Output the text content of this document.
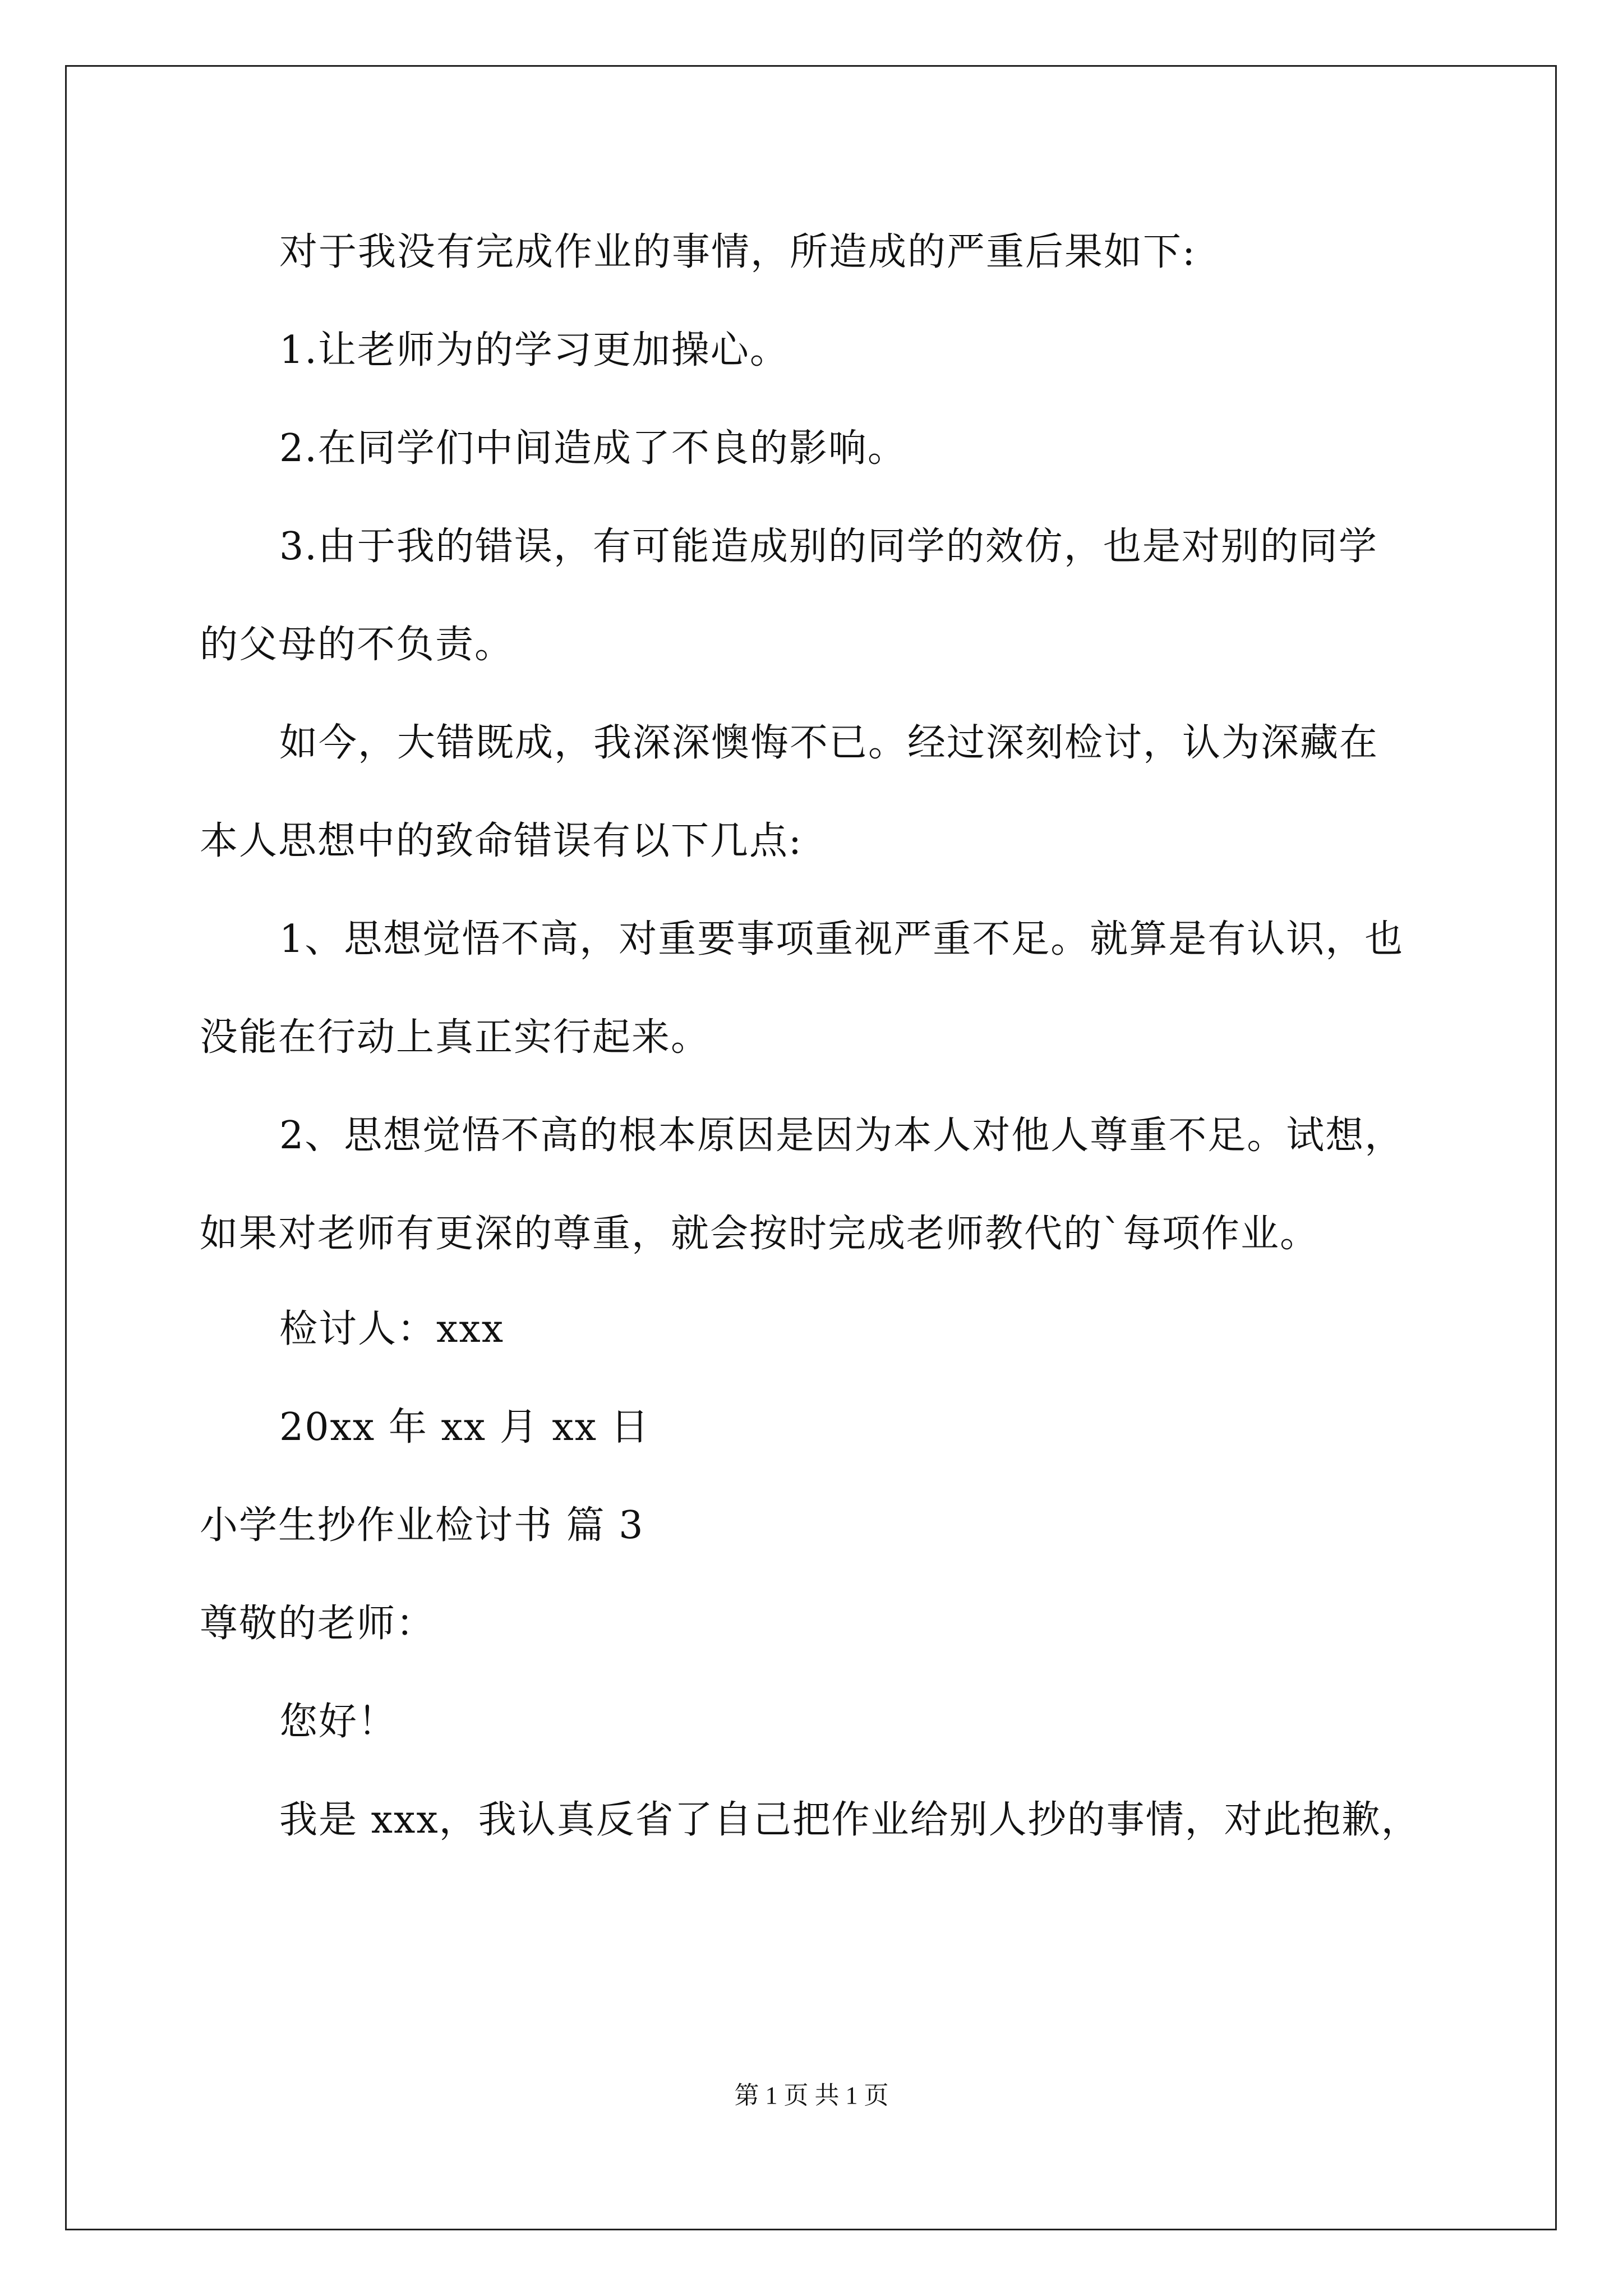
对于我没有完成作业的事情，所造成的严重后果如下:
1.让老师为的学习更加操心。
2.在同学们中间造成了不良的影响。
3.由于我的错误，有可能造成别的同学的效仿，也是对别的同学
的父母的不负责。
如今，大错既成，我深深懊悔不已。经过深刻检讨，认为深藏在
本人思想中的致命错误有以下几点:
1、思想觉悟不高，对重要事项重视严重不足。就算是有认识，也
没能在行动上真正实行起来。
2、思想觉悟不高的根本原因是因为本人对他人尊重不足。试想，
如果对老师有更深的尊重，就会按时完成老师教代的`每项作业。
检讨人：xxx
20xx 年 xx 月 xx 日
小学生抄作业检讨书 篇 3
尊敬的老师：
您好！
我是 xxx，我认真反省了自己把作业给别人抄的事情，对此抱歉，
第 1 页 共 1 页
